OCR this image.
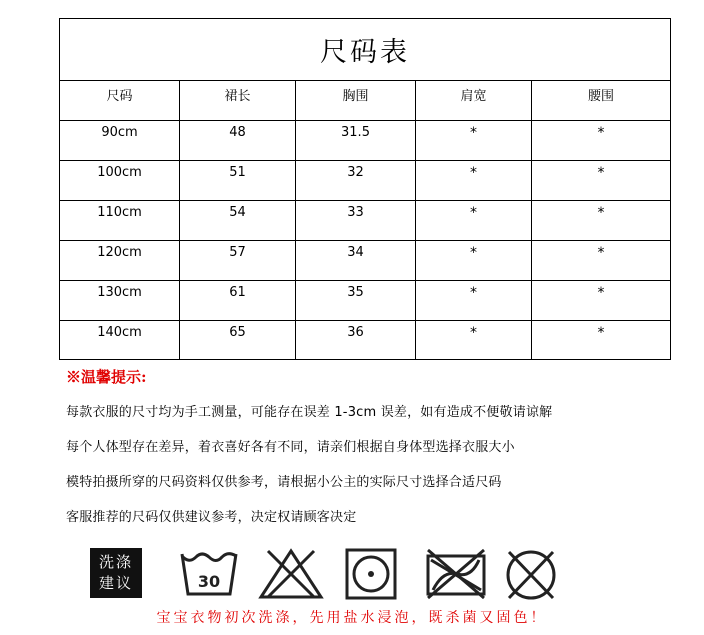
尺码表
尺码	裙长	胸围	肩宽	腰围
90cm	48	31.5	*	*
100cm	51	32	*	*
110cm	54	33	*	*
120cm	57	34	*	*
130cm	61	35	*	*
140cm	65	36	*	*
※温馨提示:
每款衣服的尺寸均为手工测量，可能存在误差 1-3cm 误差，如有造成不便敬请谅解
每个人体型存在差异，着衣喜好各有不同，请亲们根据自身体型选择衣服大小
模特拍摄所穿的尺码资料仅供参考，请根据小公主的实际尺寸选择合适尺码
客服推荐的尺码仅供建议参考，决定权请顾客决定
洗涤
建议	30
宝宝衣物初次洗涤，先用盐水浸泡，既杀菌又固色！
